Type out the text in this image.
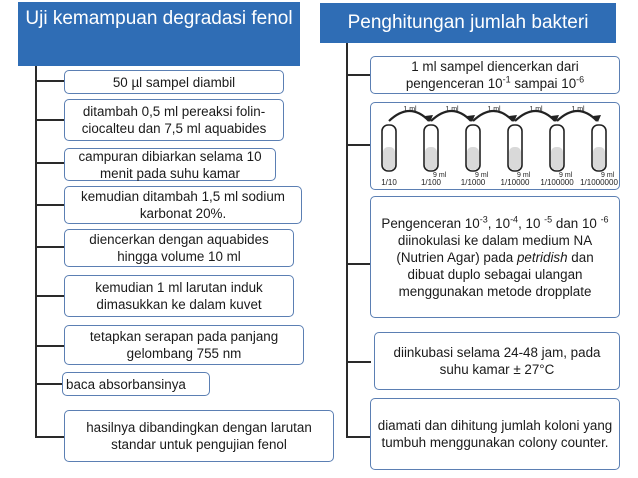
Uji kemampuan degradasi fenol	Penghitungan jumlah bakteri
50 µl sampel diambil
ditambah 0,5 ml pereaksi folin-ciocalteu dan 7,5 ml aquabides
campuran dibiarkan selama 10 menit pada suhu kamar
kemudian ditambah 1,5 ml sodium karbonat 20%.
diencerkan dengan aquabides hingga volume 10 ml
kemudian 1 ml larutan induk dimasukkan ke dalam kuvet
tetapkan serapan pada panjang gelombang 755 nm
baca absorbansinya
hasilnya dibandingkan dengan larutan standar untuk pengujian fenol
1 ml sampel diencerkan dari pengenceran $10^{-1}$ sampai $10^{-6}$
1/10
1 ml
1/100
9 ml
1 ml
1/1000
9 ml
1 ml
1/10000
9 ml
1 ml
1/100000
9 ml
1 ml
1/1000000
9 ml
Pengenceran $10^{-3}$, $10^{-4}$, 10 $^{-5}$ dan 10 $^{-6}$ diinokulasi ke dalam medium NA (Nutrien Agar) pada petridish dan dibuat duplo sebagai ulangan menggunakan metode dropplate
diinkubasi selama 24-48 jam, pada suhu kamar ± 27°C
diamati dan dihitung jumlah koloni yang tumbuh menggunakan colony counter.
